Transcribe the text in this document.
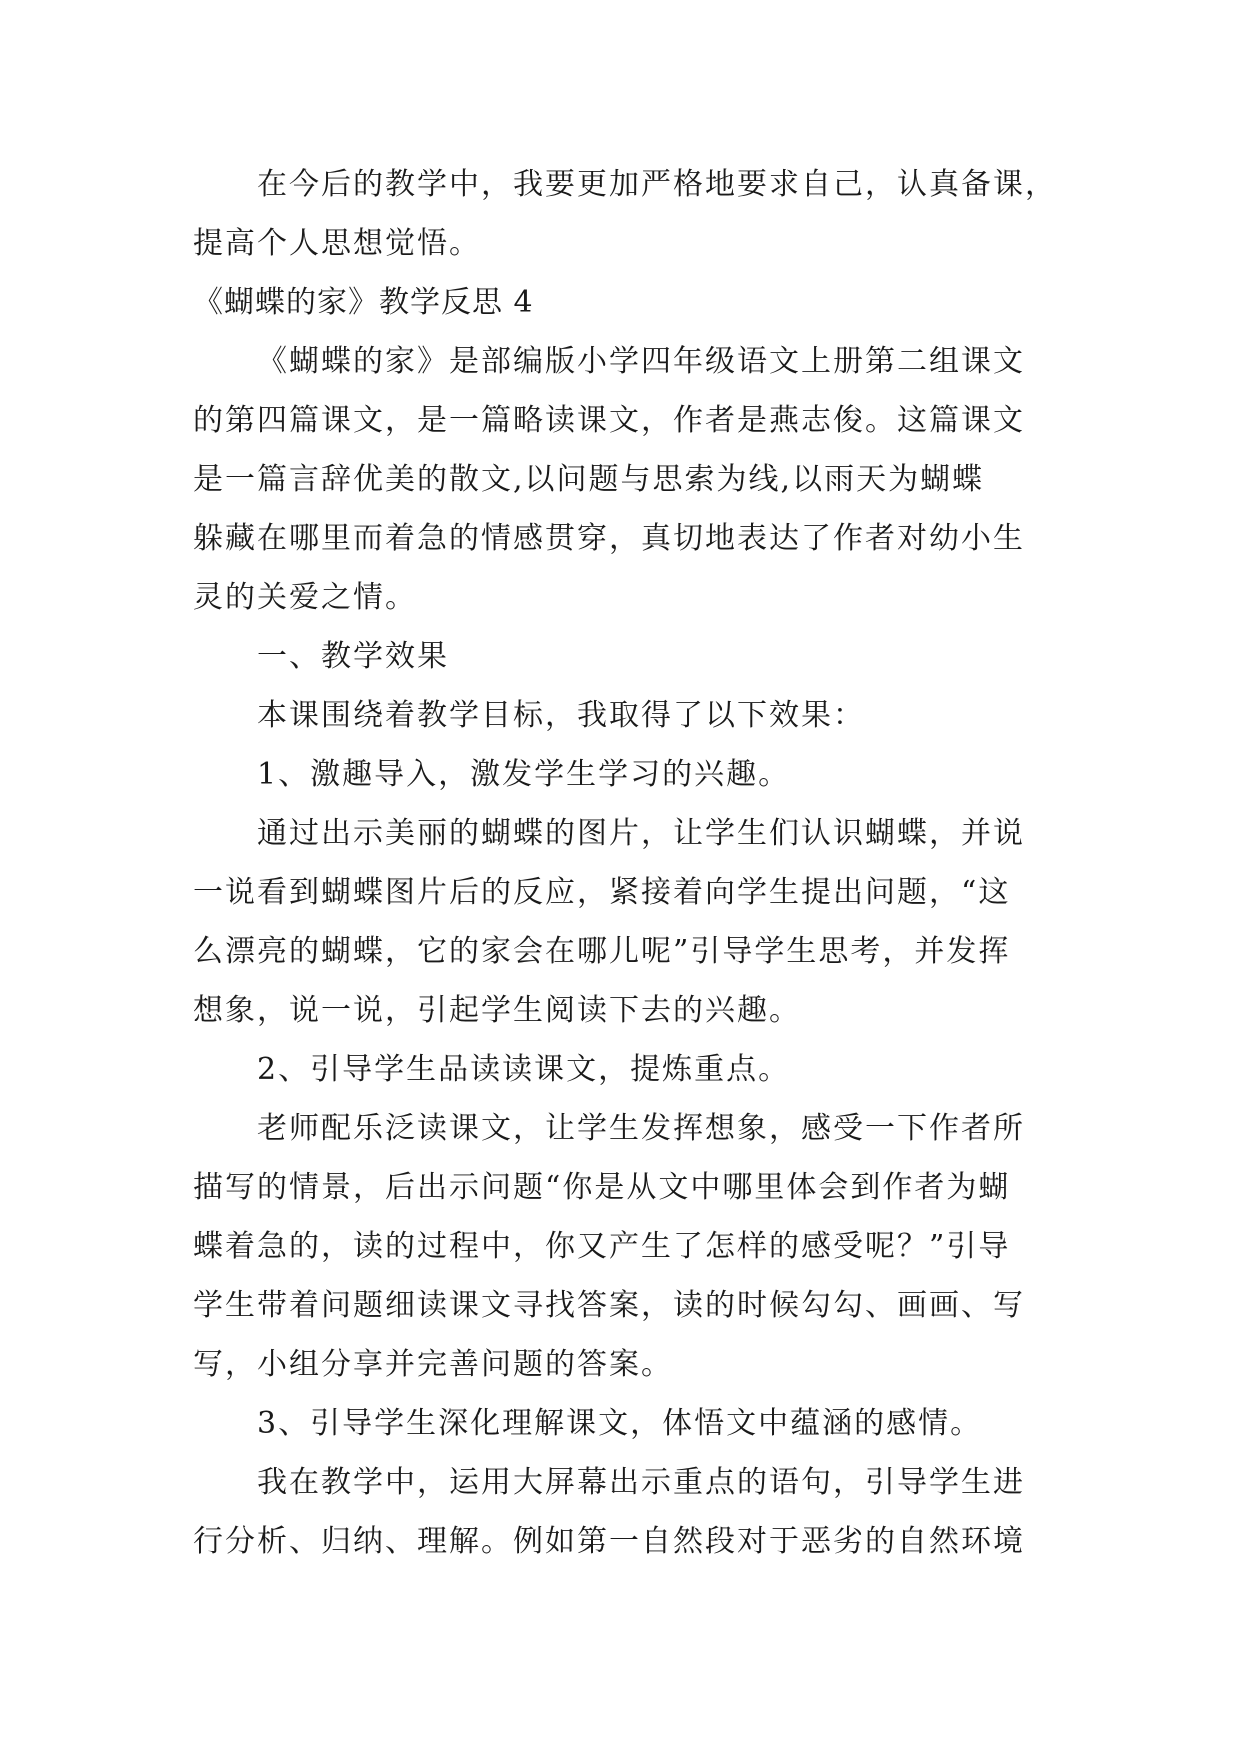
在今后的教学中，我要更加严格地要求自己，认真备课，
提高个人思想觉悟。
《蝴蝶的家》教学反思 4
《蝴蝶的家》是部编版小学四年级语文上册第二组课文
的第四篇课文，是一篇略读课文，作者是燕志俊。这篇课文
是一篇言辞优美的散文,以问题与思索为线,以雨天为蝴蝶
躲藏在哪里而着急的情感贯穿，真切地表达了作者对幼小生
灵的关爱之情。
一、教学效果
本课围绕着教学目标，我取得了以下效果：
1、激趣导入，激发学生学习的兴趣。
通过出示美丽的蝴蝶的图片，让学生们认识蝴蝶，并说
一说看到蝴蝶图片后的反应，紧接着向学生提出问题，“这
么漂亮的蝴蝶，它的家会在哪儿呢”引导学生思考，并发挥
想象，说一说，引起学生阅读下去的兴趣。
2、引导学生品读读课文，提炼重点。
老师配乐泛读课文，让学生发挥想象，感受一下作者所
描写的情景，后出示问题“你是从文中哪里体会到作者为蝴
蝶着急的，读的过程中，你又产生了怎样的感受呢？”引导
学生带着问题细读课文寻找答案，读的时候勾勾、画画、写
写，小组分享并完善问题的答案。
3、引导学生深化理解课文，体悟文中蕴涵的感情。
我在教学中，运用大屏幕出示重点的语句，引导学生进
行分析、归纳、理解。例如第一自然段对于恶劣的自然环境
